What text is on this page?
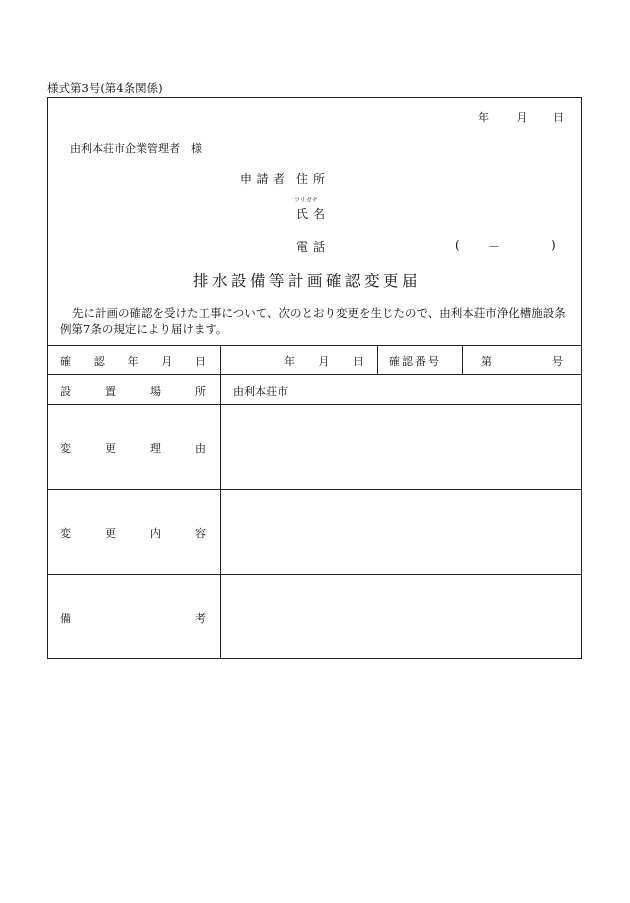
様式第3号(第4条関係)
年	月 日
由利本荘市企業管理者　様
申 請 者 住所
フリガナ
氏名
電話	( －	)
排水設備等計画確認変更届
先に計画の確認を受けた工事について、次のとおり変更を生じたので、由利本荘市浄化槽施設条例第7条の規定により届けます。
確 認 年 月 日	年 月 日 確認番号	第	号
設	置	場	所 由利本荘市
変	更	理	由
変	更	内	容
備	考
